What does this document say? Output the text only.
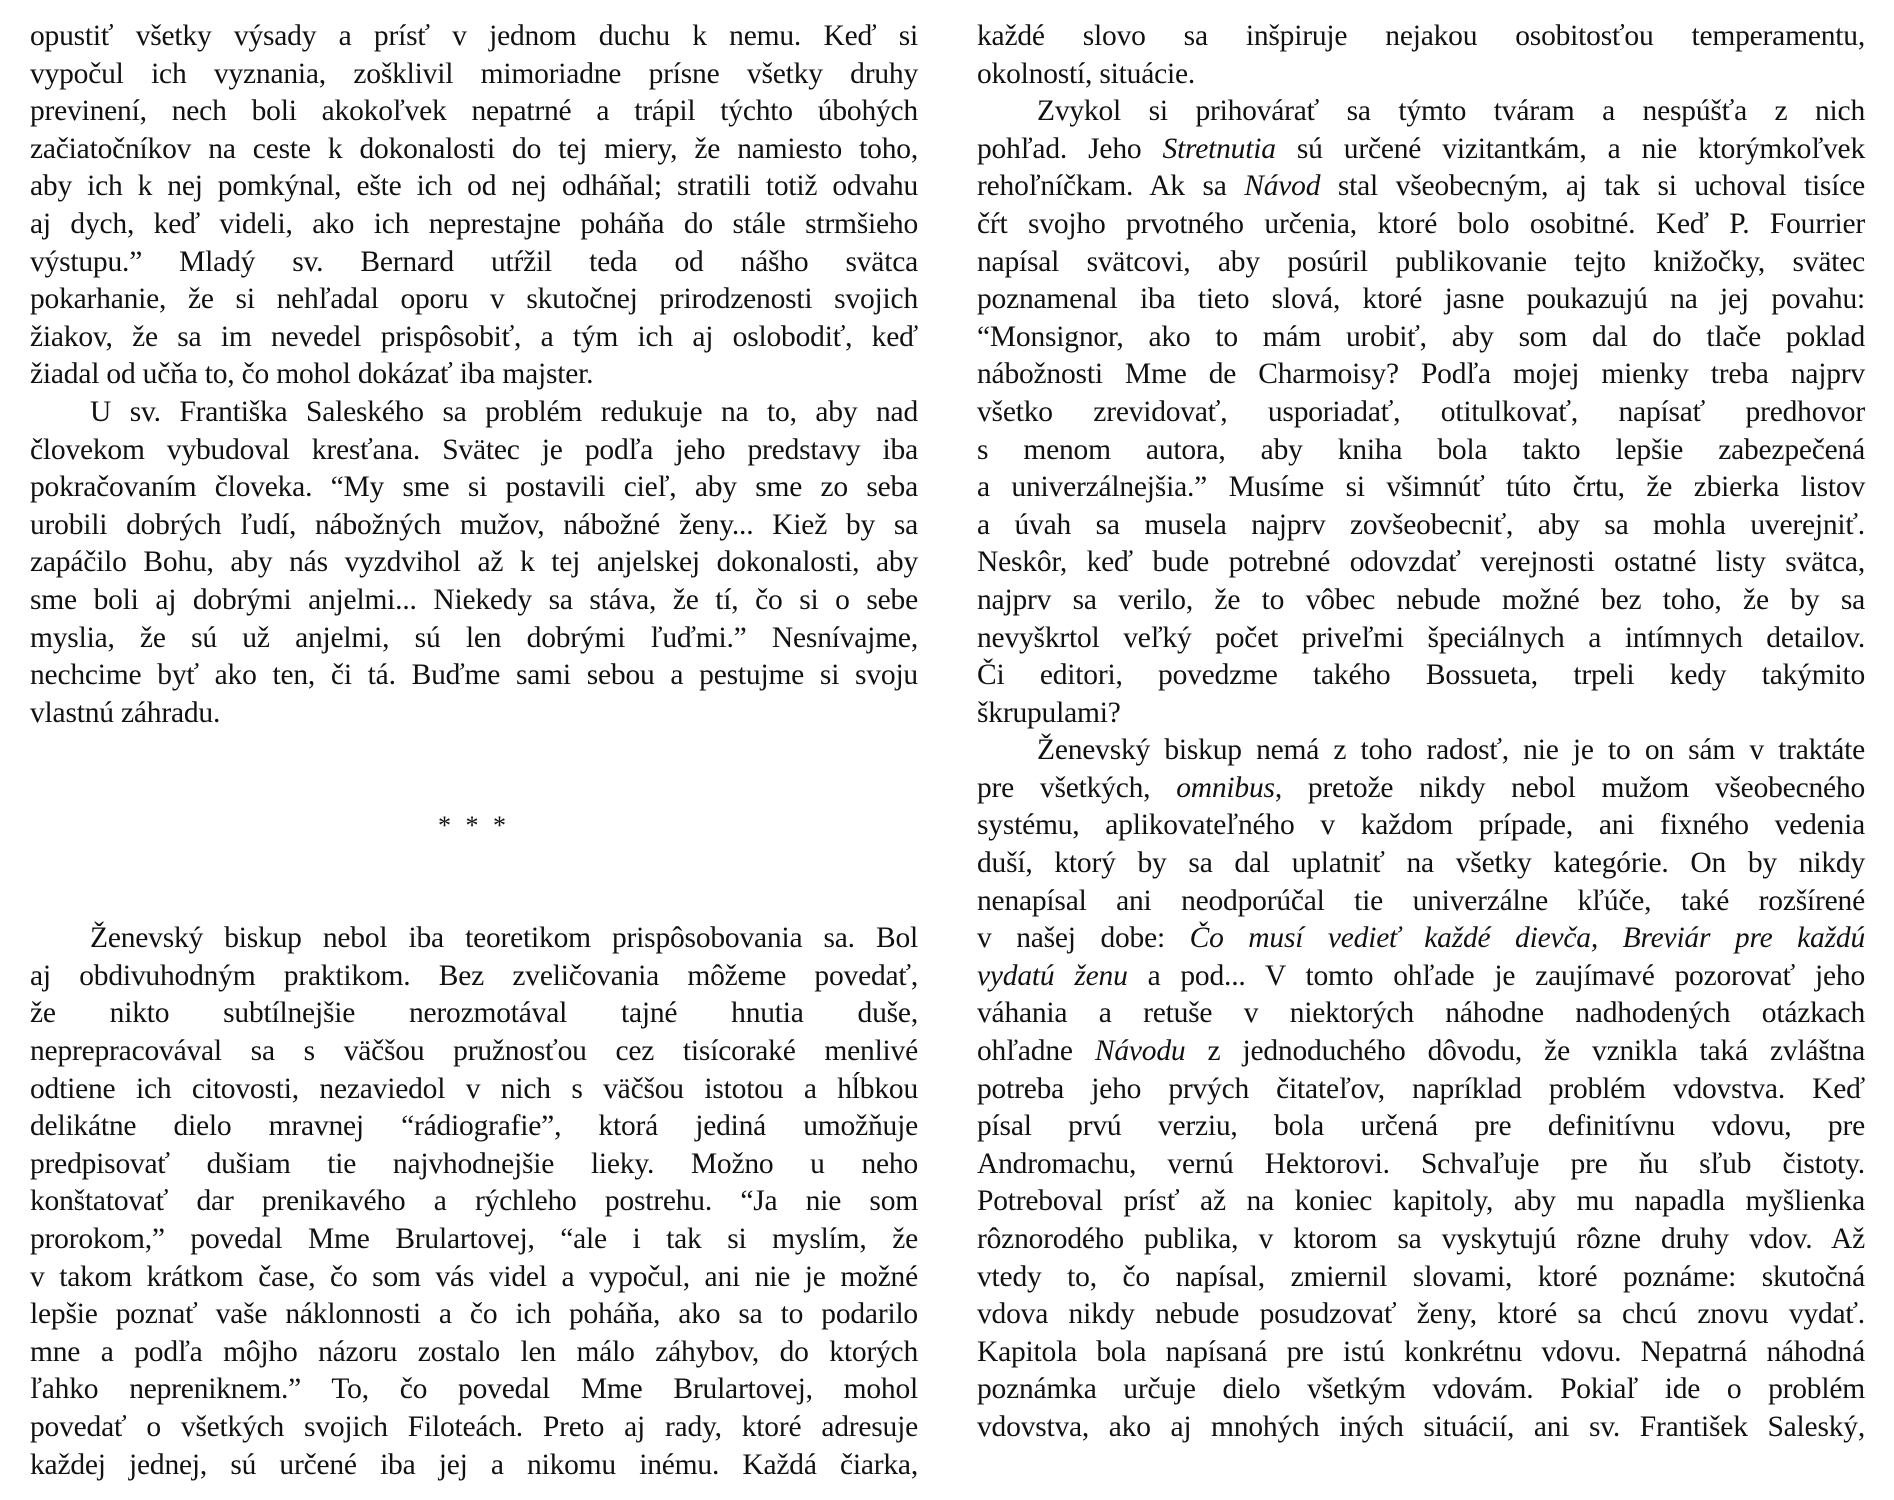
opustiť všetky výsady a prísť v jednom duchu k nemu. Keď si
vypočul ich vyznania, zošklivil mimoriadne prísne všetky druhy
previnení, nech boli akokoľvek nepatrné a trápil týchto úbohých
začiatočníkov na ceste k dokonalosti do tej miery, že namiesto toho,
aby ich k nej pomkýnal, ešte ich od nej odháňal; stratili totiž odvahu
aj dych, keď videli, ako ich neprestajne poháňa do stále strmšieho
výstupu.” Mladý sv. Bernard utŕžil teda od nášho svätca
pokarhanie, že si nehľadal oporu v skutočnej prirodzenosti svojich
žiakov, že sa im nevedel prispôsobiť, a tým ich aj oslobodiť, keď
žiadal od učňa to, čo mohol dokázať iba majster.
U sv. Františka Saleského sa problém redukuje na to, aby nad
človekom vybudoval kresťana. Svätec je podľa jeho predstavy iba
pokračovaním človeka. “My sme si postavili cieľ, aby sme zo seba
urobili dobrých ľudí, nábožných mužov, nábožné ženy... Kiež by sa
zapáčilo Bohu, aby nás vyzdvihol až k tej anjelskej dokonalosti, aby
sme boli aj dobrými anjelmi... Niekedy sa stáva, že tí, čo si o sebe
myslia, že sú už anjelmi, sú len dobrými ľuďmi.” Nesnívajme,
nechcime byť ako ten, či tá. Buďme sami sebou a pestujme si svoju
vlastnú záhradu.
* * *
Ženevský biskup nebol iba teoretikom prispôsobovania sa. Bol
aj obdivuhodným praktikom. Bez zveličovania môžeme povedať,
že nikto subtílnejšie nerozmotával tajné hnutia duše,
neprepracovával sa s väčšou pružnosťou cez tisícoraké menlivé
odtiene ich citovosti, nezaviedol v nich s väčšou istotou a hĺbkou
delikátne dielo mravnej “rádiografie”, ktorá jediná umožňuje
predpisovať dušiam tie najvhodnejšie lieky. Možno u neho
konštatovať dar prenikavého a rýchleho postrehu. “Ja nie som
prorokom,” povedal Mme Brulartovej, “ale i tak si myslím, že
v takom krátkom čase, čo som vás videl a vypočul, ani nie je možné
lepšie poznať vaše náklonnosti a čo ich poháňa, ako sa to podarilo
mne a podľa môjho názoru zostalo len málo záhybov, do ktorých
ľahko nepreniknem.” To, čo povedal Mme Brulartovej, mohol
povedať o všetkých svojich Filoteách. Preto aj rady, ktoré adresuje
každej jednej, sú určené iba jej a nikomu inému. Každá čiarka,
každé slovo sa inšpiruje nejakou osobitosťou temperamentu,
okolností, situácie.
Zvykol si prihovárať sa týmto tváram a nespúšťa z nich
pohľad. Jeho Stretnutia sú určené vizitantkám, a nie ktorýmkoľvek
rehoľníčkam. Ak sa Návod stal všeobecným, aj tak si uchoval tisíce
čŕt svojho prvotného určenia, ktoré bolo osobitné. Keď P. Fourrier
napísal svätcovi, aby posúril publikovanie tejto knižočky, svätec
poznamenal iba tieto slová, ktoré jasne poukazujú na jej povahu:
“Monsignor, ako to mám urobiť, aby som dal do tlače poklad
nábožnosti Mme de Charmoisy? Podľa mojej mienky treba najprv
všetko zrevidovať, usporiadať, otitulkovať, napísať predhovor
s menom autora, aby kniha bola takto lepšie zabezpečená
a univerzálnejšia.” Musíme si všimnúť túto črtu, že zbierka listov
a úvah sa musela najprv zovšeobecniť, aby sa mohla uverejniť.
Neskôr, keď bude potrebné odovzdať verejnosti ostatné listy svätca,
najprv sa verilo, že to vôbec nebude možné bez toho, že by sa
nevyškrtol veľký počet priveľmi špeciálnych a intímnych detailov.
Či editori, povedzme takého Bossueta, trpeli kedy takýmito
škrupulami?
Ženevský biskup nemá z toho radosť, nie je to on sám v traktáte
pre všetkých, omnibus, pretože nikdy nebol mužom všeobecného
systému, aplikovateľného v každom prípade, ani fixného vedenia
duší, ktorý by sa dal uplatniť na všetky kategórie. On by nikdy
nenapísal ani neodporúčal tie univerzálne kľúče, také rozšírené
v našej dobe: Čo musí vedieť každé dievča, Breviár pre každú
vydatú ženu a pod... V tomto ohľade je zaujímavé pozorovať jeho
váhania a retuše v niektorých náhodne nadhodených otázkach
ohľadne Návodu z jednoduchého dôvodu, že vznikla taká zvláštna
potreba jeho prvých čitateľov, napríklad problém vdovstva. Keď
písal prvú verziu, bola určená pre definitívnu vdovu, pre
Andromachu, vernú Hektorovi. Schvaľuje pre ňu sľub čistoty.
Potreboval prísť až na koniec kapitoly, aby mu napadla myšlienka
rôznorodého publika, v ktorom sa vyskytujú rôzne druhy vdov. Až
vtedy to, čo napísal, zmiernil slovami, ktoré poznáme: skutočná
vdova nikdy nebude posudzovať ženy, ktoré sa chcú znovu vydať.
Kapitola bola napísaná pre istú konkrétnu vdovu. Nepatrná náhodná
poznámka určuje dielo všetkým vdovám. Pokiaľ ide o problém
vdovstva, ako aj mnohých iných situácií, ani sv. František Saleský,
